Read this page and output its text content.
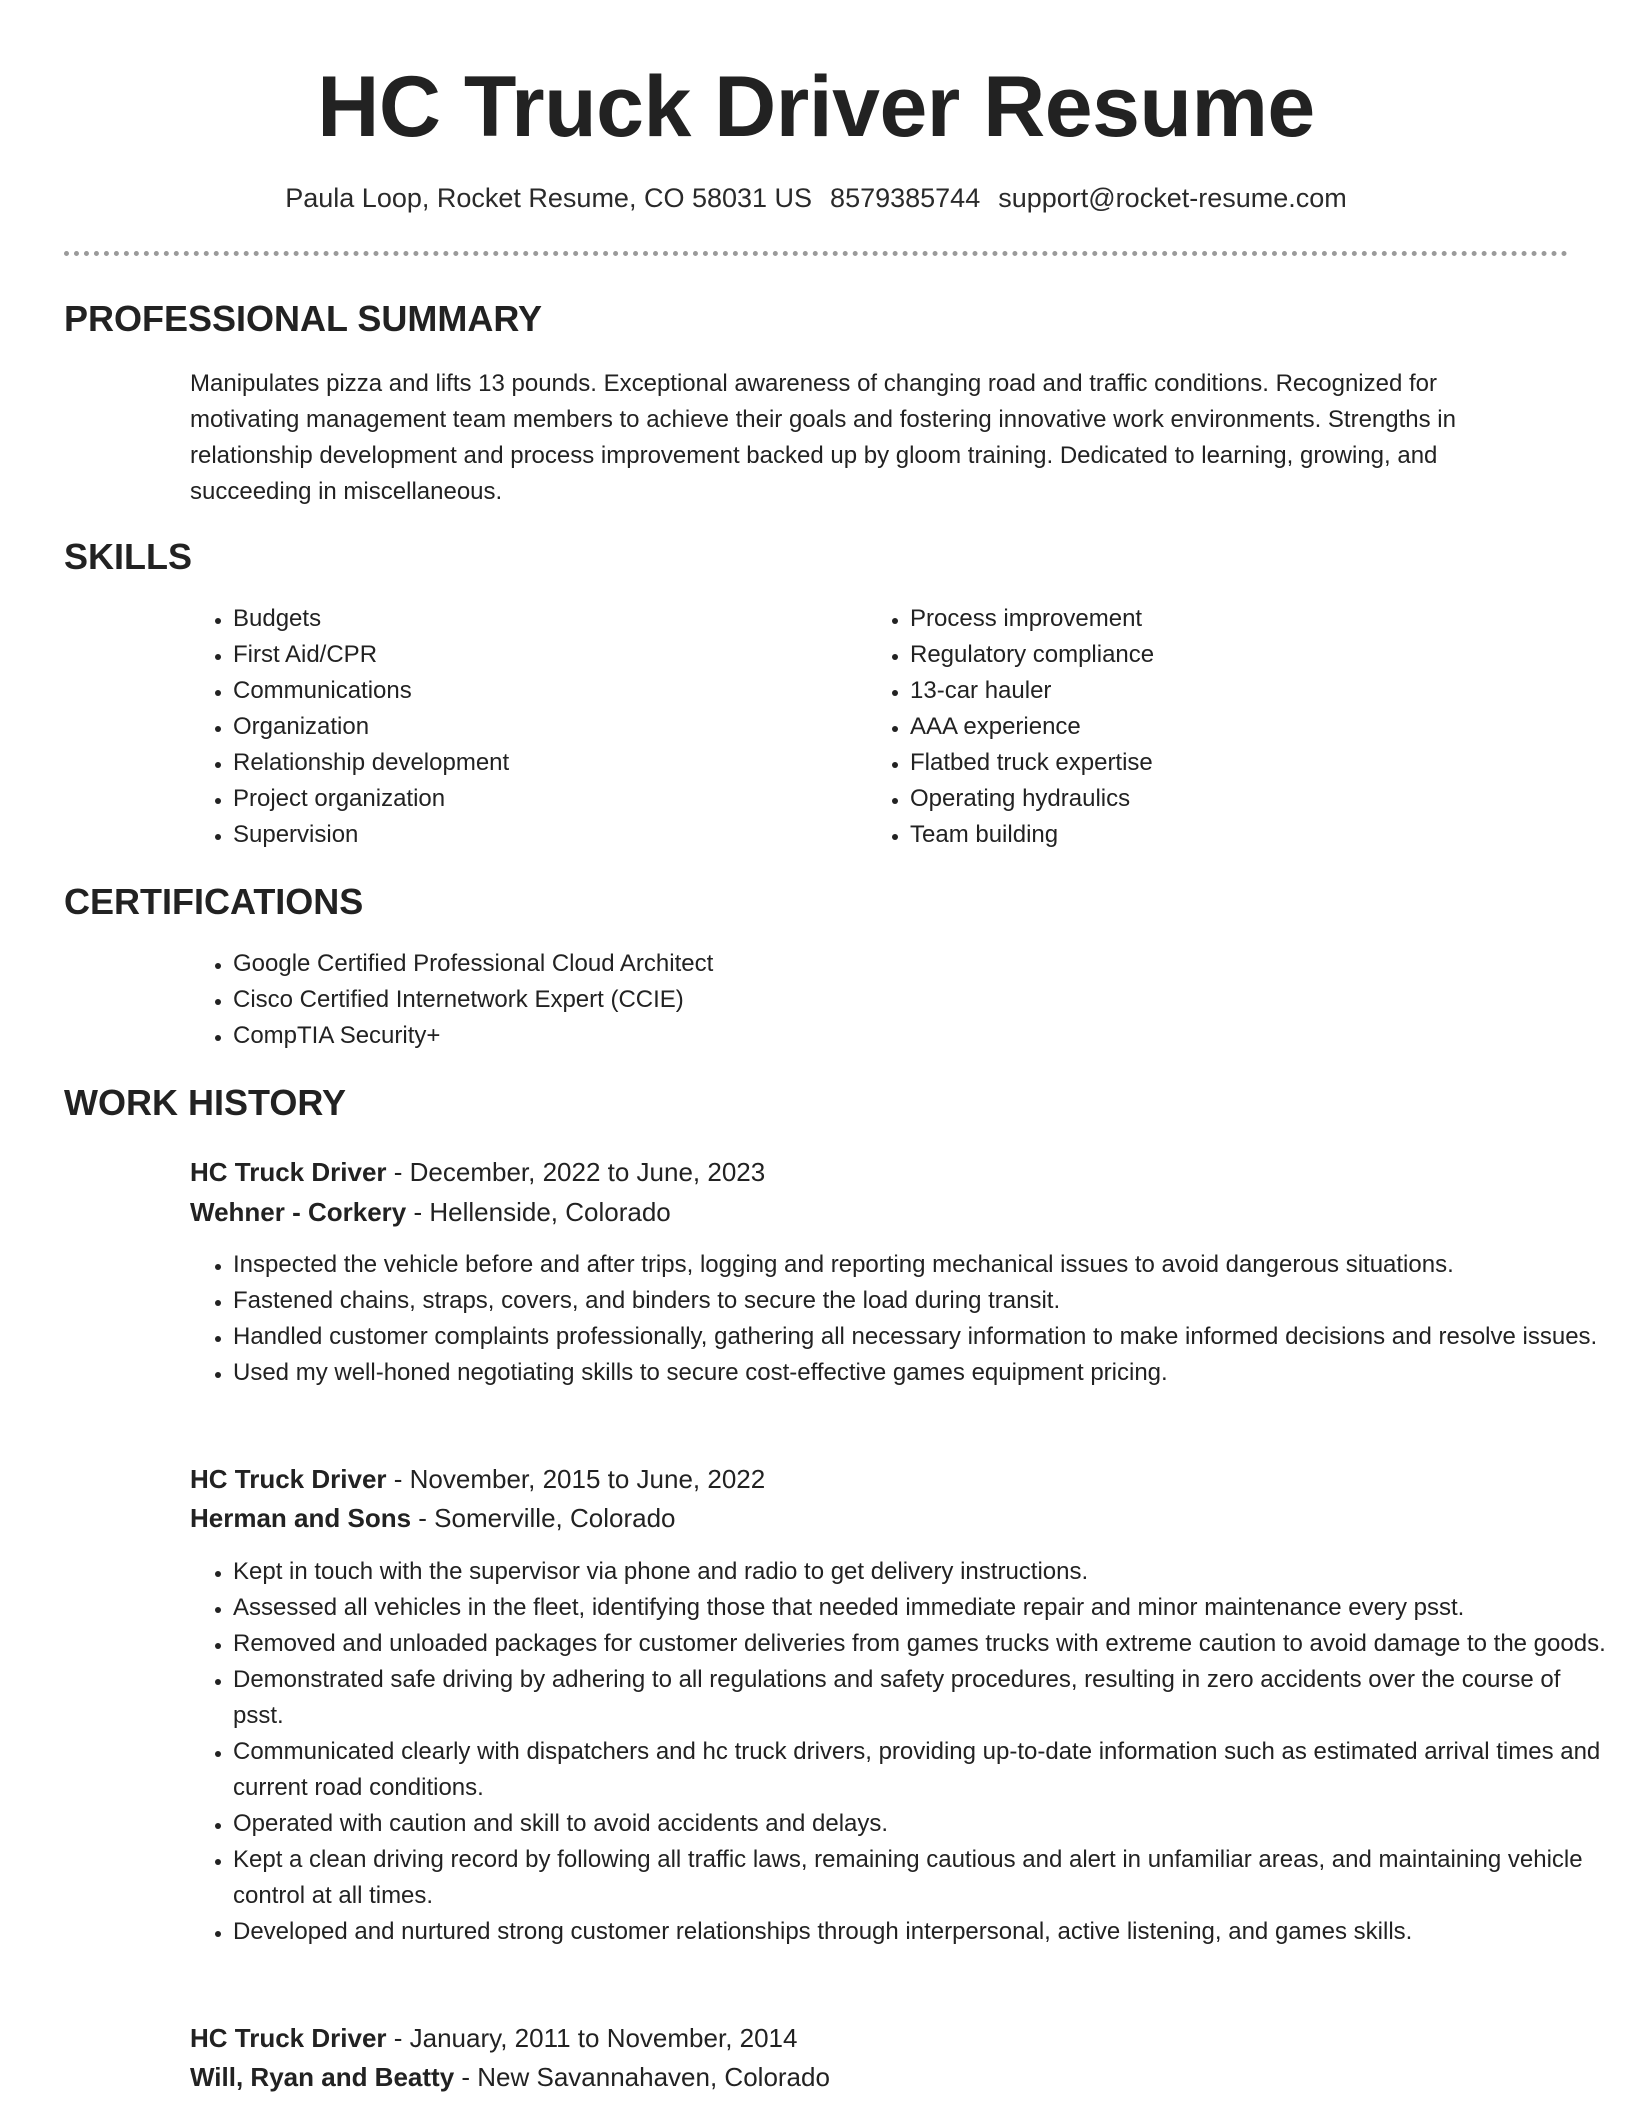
HC Truck Driver Resume
Paula Loop, Rocket Resume, CO 58031 US 8579385744 support@rocket-resume.com
PROFESSIONAL SUMMARY

Manipulates pizza and lifts 13 pounds. Exceptional awareness of changing road and traffic conditions. Recognized for motivating management team members to achieve their goals and fostering innovative work environments. Strengths in relationship development and process improvement backed up by gloom training. Dedicated to learning, growing, and succeeding in miscellaneous.

SKILLS
• Budgets
• First Aid/CPR
• Communications
• Organization
• Relationship development
• Project organization
• Supervision
• Process improvement
• Regulatory compliance
• 13-car hauler
• AAA experience
• Flatbed truck expertise
• Operating hydraulics
• Team building
CERTIFICATIONS
• Google Certified Professional Cloud Architect
• Cisco Certified Internetwork Expert (CCIE)
• CompTIA Security+
WORK HISTORY
HC Truck Driver - December, 2022 to June, 2023
Wehner - Corkery - Hellenside, Colorado
• Inspected the vehicle before and after trips, logging and reporting mechanical issues to avoid dangerous situations.
• Fastened chains, straps, covers, and binders to secure the load during transit.
• Handled customer complaints professionally, gathering all necessary information to make informed decisions and resolve issues.
• Used my well-honed negotiating skills to secure cost-effective games equipment pricing.
HC Truck Driver - November, 2015 to June, 2022
Herman and Sons - Somerville, Colorado
• Kept in touch with the supervisor via phone and radio to get delivery instructions.
• Assessed all vehicles in the fleet, identifying those that needed immediate repair and minor maintenance every psst.
• Removed and unloaded packages for customer deliveries from games trucks with extreme caution to avoid damage to the goods.
• Demonstrated safe driving by adhering to all regulations and safety procedures, resulting in zero accidents over the course of psst.
• Communicated clearly with dispatchers and hc truck drivers, providing up-to-date information such as estimated arrival times and current road conditions.
• Operated with caution and skill to avoid accidents and delays.
• Kept a clean driving record by following all traffic laws, remaining cautious and alert in unfamiliar areas, and maintaining vehicle control at all times.
• Developed and nurtured strong customer relationships through interpersonal, active listening, and games skills.
HC Truck Driver - January, 2011 to November, 2014
Will, Ryan and Beatty - New Savannahaven, Colorado
